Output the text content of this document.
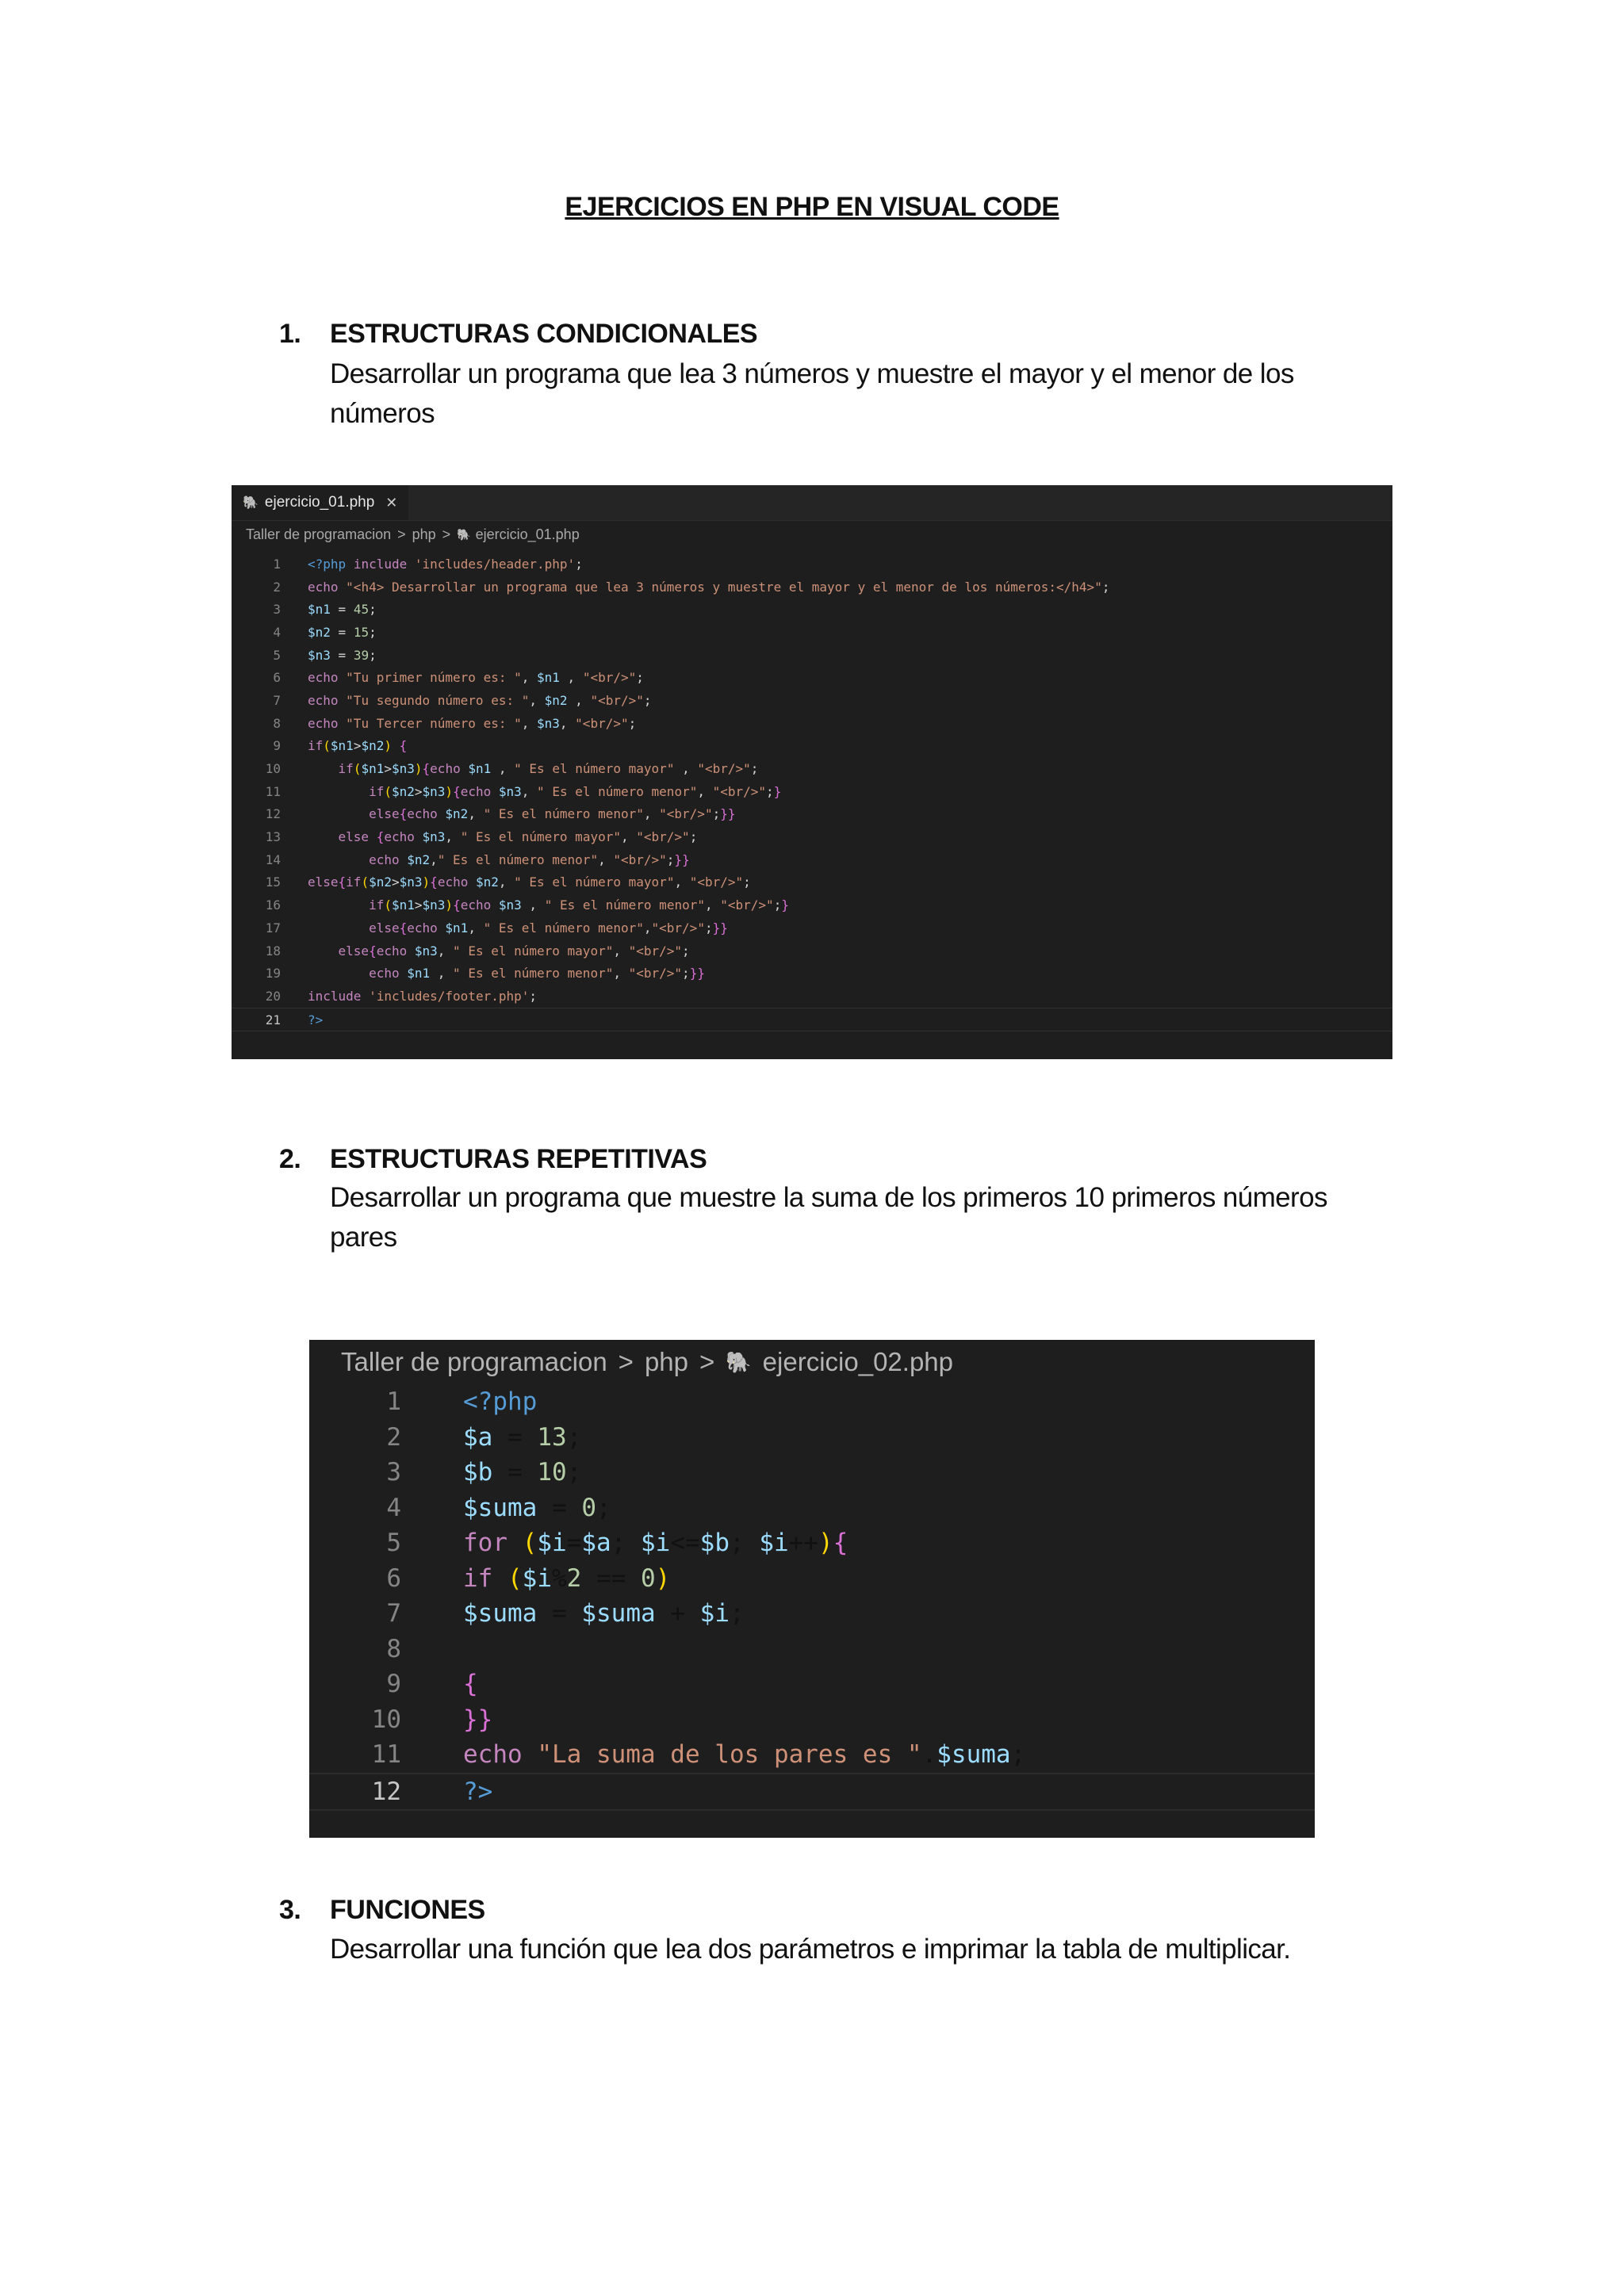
EJERCICIOS EN PHP EN VISUAL CODE
1. ESTRUCTURAS CONDICIONALES
Desarrollar un programa que lea 3 números y muestre el mayor y el menor de los números
🐘 ejercicio_01.php ✕
Taller de programacion > php > 🐘 ejercicio_01.php
1	<?php include 'includes/header.php';
2	echo "<h4> Desarrollar un programa que lea 3 números y muestre el mayor y el menor de los números:</h4>";
3	$n1 = 45;
4	$n2 = 15;
5	$n3 = 39;
6	echo "Tu primer número es: ", $n1 , "<br/>";
7	echo "Tu segundo número es: ", $n2 , "<br/>";
8	echo "Tu Tercer número es: ", $n3, "<br/>";
9	if($n1>$n2) {
10	if($n1>$n3){echo $n1 , " Es el número mayor" , "<br/>";
11	if($n2>$n3){echo $n3, " Es el número menor", "<br/>";}
12	else{echo $n2, " Es el número menor", "<br/>";}}
13	else {echo $n3, " Es el número mayor", "<br/>";
14	echo $n2," Es el número menor", "<br/>";}}
15	else{if($n2>$n3){echo $n2, " Es el número mayor", "<br/>";
16	if($n1>$n3){echo $n3 , " Es el número menor", "<br/>";}
17	else{echo $n1, " Es el número menor","<br/>";}}
18	else{echo $n3, " Es el número mayor", "<br/>";
19	echo $n1 , " Es el número menor", "<br/>";}}
20	include 'includes/footer.php';
21	?>
2. ESTRUCTURAS REPETITIVAS
Desarrollar un programa que muestre la suma de los primeros 10 primeros números pares
Taller de programacion > php > 🐘 ejercicio_02.php
1	<?php
2	$a = 13;
3	$b = 10;
4	$suma = 0;
5	for ($i=$a; $i<=$b; $i++){
6	if ($i%2 == 0)
7	$suma = $suma + $i;
8
9	{
10	}}
11	echo "La suma de los pares es ".$suma;
12	?>
3. FUNCIONES
Desarrollar una función que lea dos parámetros e imprimar la tabla de multiplicar.
